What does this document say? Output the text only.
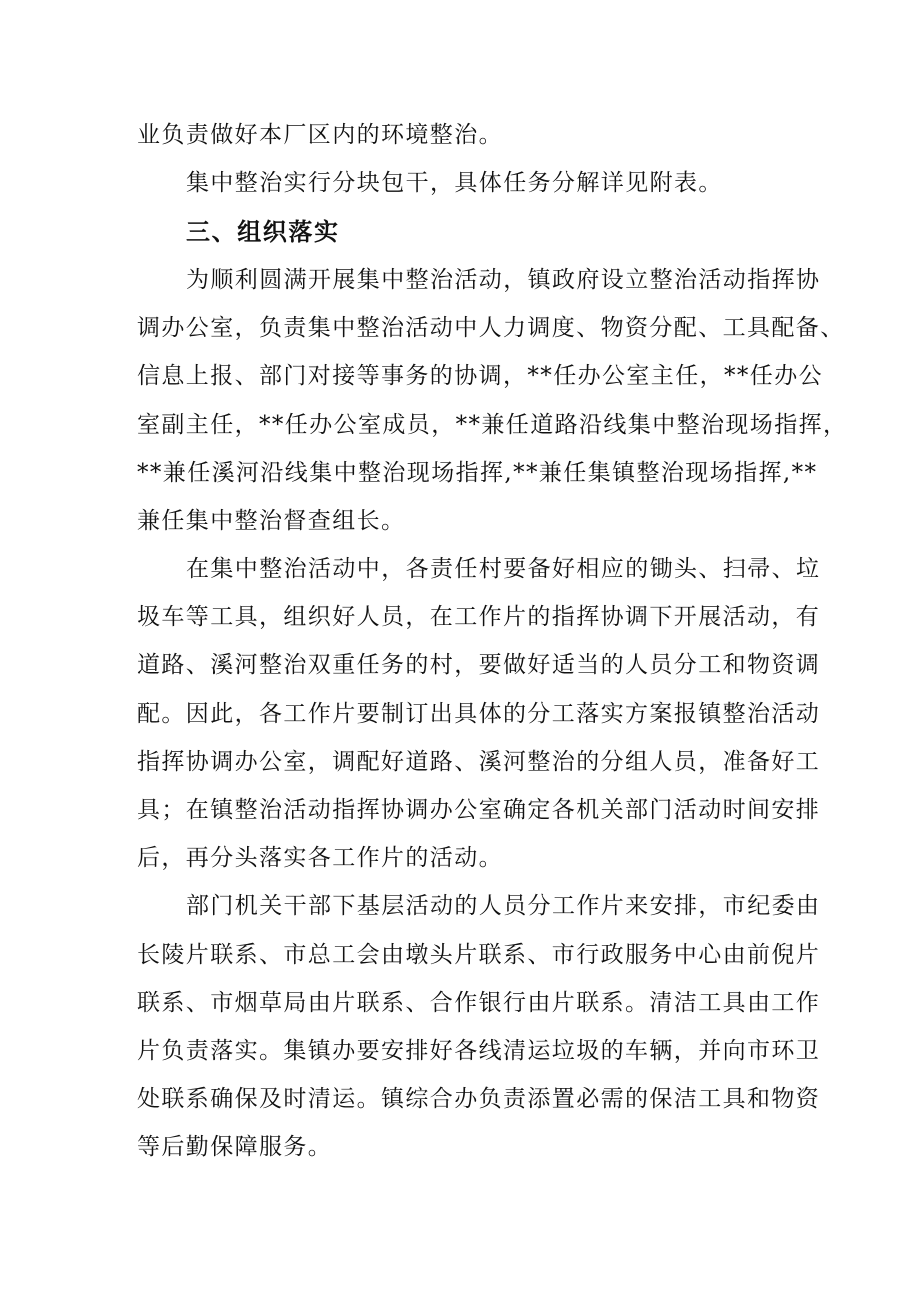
业负责做好本厂区内的环境整治。
集中整治实行分块包干，具体任务分解详见附表。
三、组织落实
为顺利圆满开展集中整治活动，镇政府设立整治活动指挥协
调办公室，负责集中整治活动中人力调度、物资分配、工具配备、
信息上报、部门对接等事务的协调，**任办公室主任，**任办公
室副主任，**任办公室成员，**兼任道路沿线集中整治现场指挥，
**兼任溪河沿线集中整治现场指挥,**兼任集镇整治现场指挥,**
兼任集中整治督查组长。
在集中整治活动中，各责任村要备好相应的锄头、扫帚、垃
圾车等工具，组织好人员，在工作片的指挥协调下开展活动，有
道路、溪河整治双重任务的村，要做好适当的人员分工和物资调
配。因此，各工作片要制订出具体的分工落实方案报镇整治活动
指挥协调办公室，调配好道路、溪河整治的分组人员，准备好工
具；在镇整治活动指挥协调办公室确定各机关部门活动时间安排
后，再分头落实各工作片的活动。
部门机关干部下基层活动的人员分工作片来安排，市纪委由
长陵片联系、市总工会由墩头片联系、市行政服务中心由前倪片
联系、市烟草局由片联系、合作银行由片联系。清洁工具由工作
片负责落实。集镇办要安排好各线清运垃圾的车辆，并向市环卫
处联系确保及时清运。镇综合办负责添置必需的保洁工具和物资
等后勤保障服务。
